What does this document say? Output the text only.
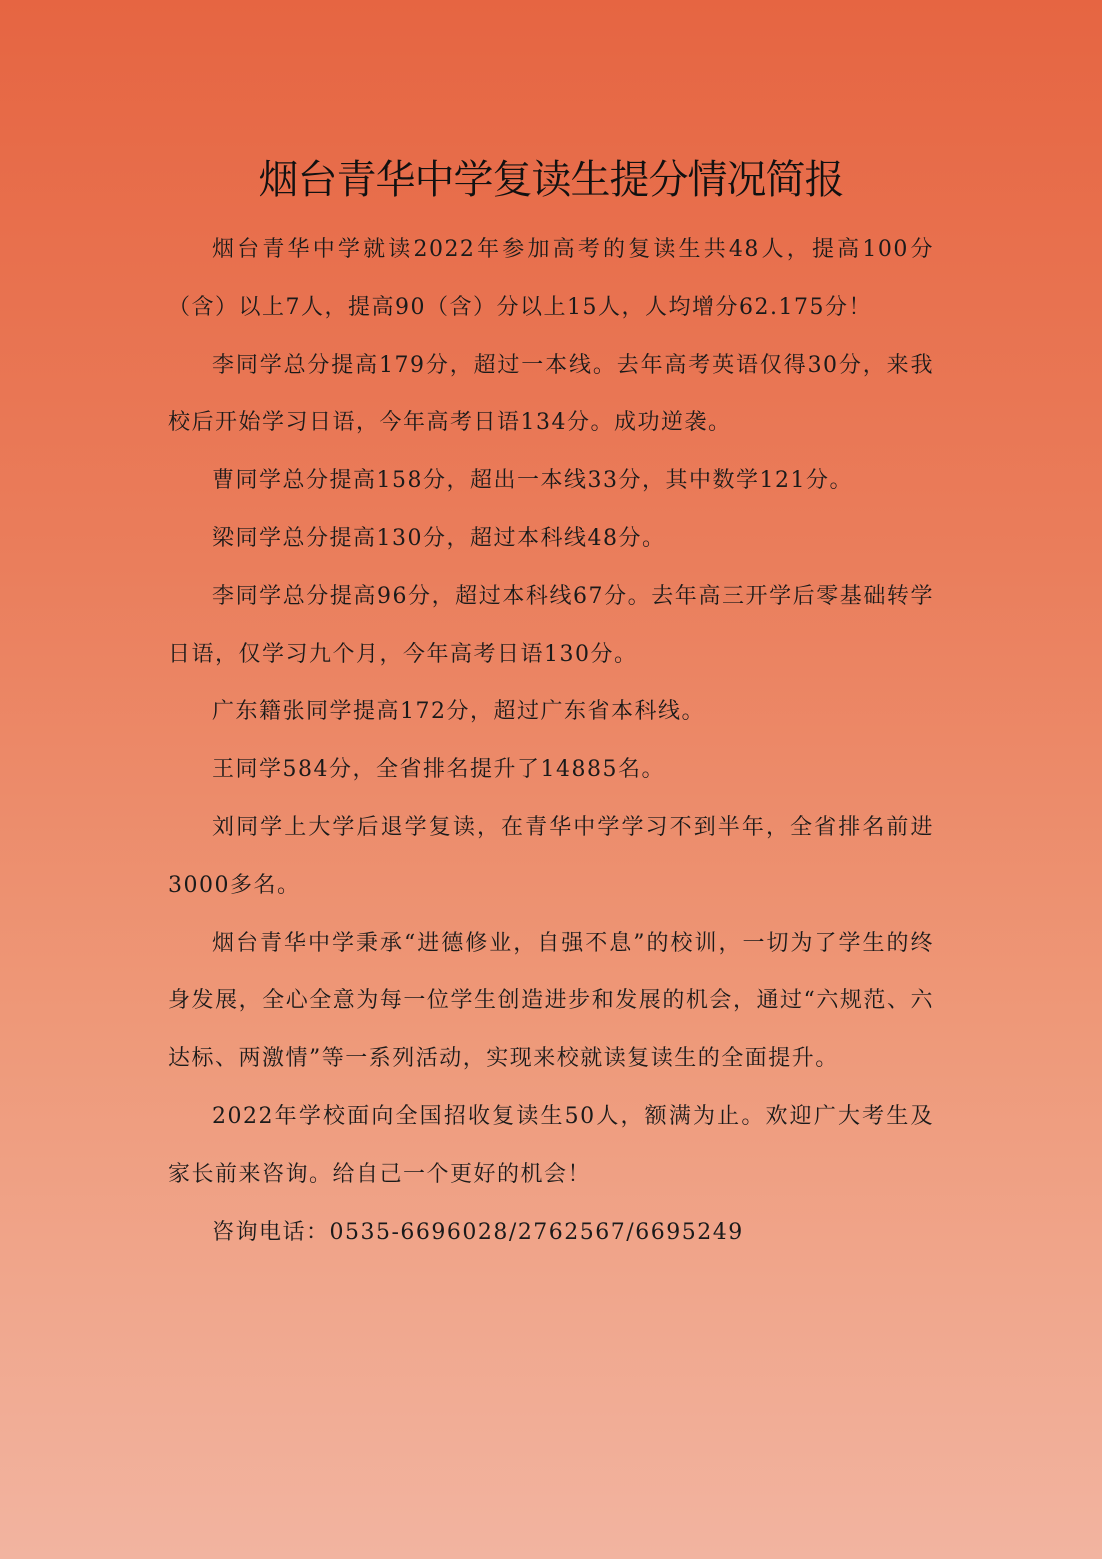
烟台青华中学复读生提分情况简报

烟台青华中学就读2022年参加高考的复读生共48人，提高100分（含）以上7人，提高90（含）分以上15人，人均增分62.175分！

李同学总分提高179分，超过一本线。去年高考英语仅得30分，来我校后开始学习日语，今年高考日语134分。成功逆袭。

曹同学总分提高158分，超出一本线33分，其中数学121分。

梁同学总分提高130分，超过本科线48分。

李同学总分提高96分，超过本科线67分。去年高三开学后零基础转学日语，仅学习九个月，今年高考日语130分。

广东籍张同学提高172分，超过广东省本科线。

王同学584分，全省排名提升了14885名。

刘同学上大学后退学复读，在青华中学学习不到半年，全省排名前进3000多名。

烟台青华中学秉承“进德修业，自强不息”的校训，一切为了学生的终身发展，全心全意为每一位学生创造进步和发展的机会，通过“六规范、六达标、两激情”等一系列活动，实现来校就读复读生的全面提升。

2022年学校面向全国招收复读生50人，额满为止。欢迎广大考生及家长前来咨询。给自己一个更好的机会！

咨询电话：0535-6696028/2762567/6695249
